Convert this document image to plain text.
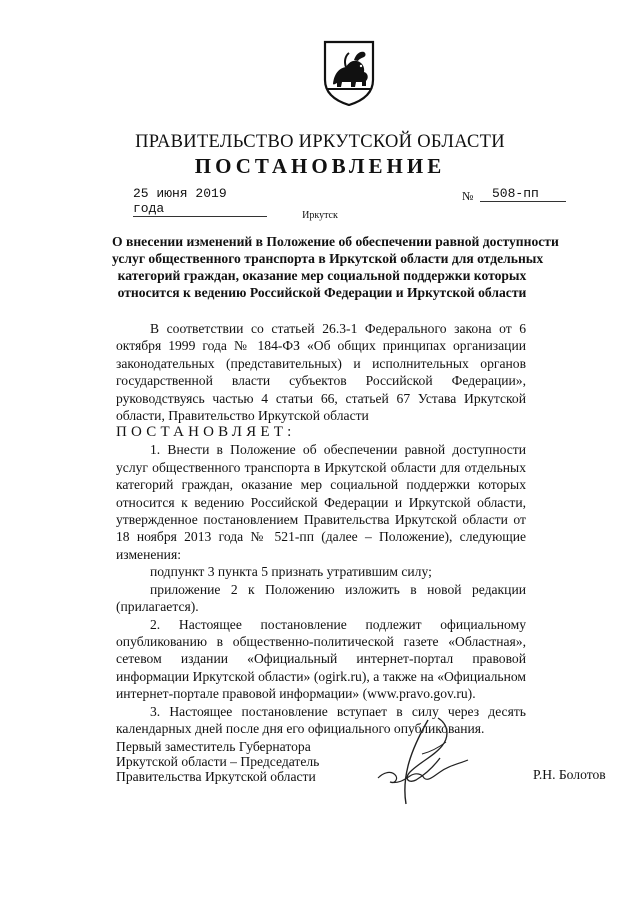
ПРАВИТЕЛЬСТВО ИРКУТСКОЙ ОБЛАСТИ
ПОСТАНОВЛЕНИЕ
25 июня 2019 года
№	508-пп
Иркутск
О внесении изменений в Положение об обеспечении равной доступности
услуг общественного транспорта в Иркутской области для отдельных
категорий граждан, оказание мер социальной поддержки которых
относится к ведению Российской Федерации и Иркутской области

В соответствии со статьей 26.3-1 Федерального закона от 6 октября 1999 года № 184-ФЗ «Об общих принципах организации законодательных (представительных) и исполнительных органов государственной власти субъектов Российской Федерации», руководствуясь частью 4 статьи 66, статьей 67 Устава Иркутской области, Правительство Иркутской области

ПОСТАНОВЛЯЕТ:

1. Внести в Положение об обеспечении равной доступности услуг общественного транспорта в Иркутской области для отдельных категорий граждан, оказание мер социальной поддержки которых относится к ведению Российской Федерации и Иркутской области, утвержденное постановлением Правительства Иркутской области от 18 ноября 2013 года № 521-пп (далее – Положение), следующие изменения:

подпункт 3 пункта 5 признать утратившим силу;

приложение 2 к Положению изложить в новой редакции (прилагается).

2. Настоящее постановление подлежит официальному опубликованию в общественно-политической газете «Областная», сетевом издании «Официальный интернет-портал правовой информации Иркутской области» (ogirk.ru), а также на «Официальном интернет-портале правовой информации» (www.pravo.gov.ru).

3. Настоящее постановление вступает в силу через десять календарных дней после дня его официального опубликования.

Первый заместитель Губернатора
Иркутской области – Председатель
Правительства Иркутской области	Р.Н. Болотов
